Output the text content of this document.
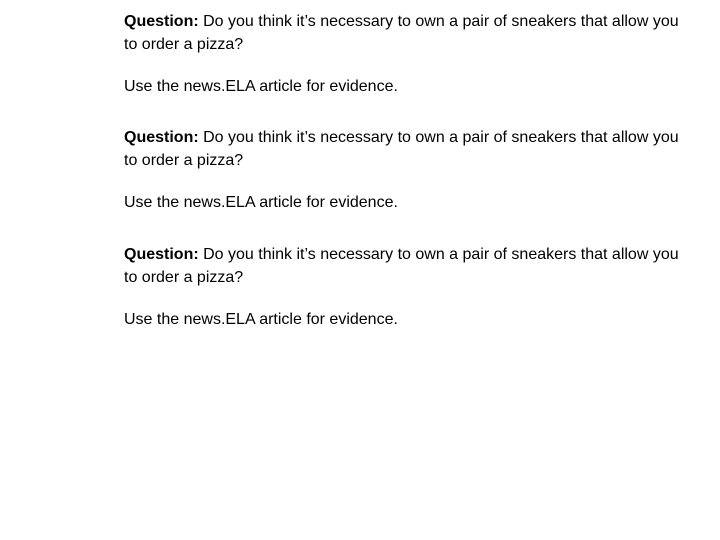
Question: Do you think it’s necessary to own a pair of sneakers that allow you to order a pizza?

Use the news.ELA article for evidence.

Question: Do you think it’s necessary to own a pair of sneakers that allow you to order a pizza?

Use the news.ELA article for evidence.

Question: Do you think it’s necessary to own a pair of sneakers that allow you to order a pizza?

Use the news.ELA article for evidence.
